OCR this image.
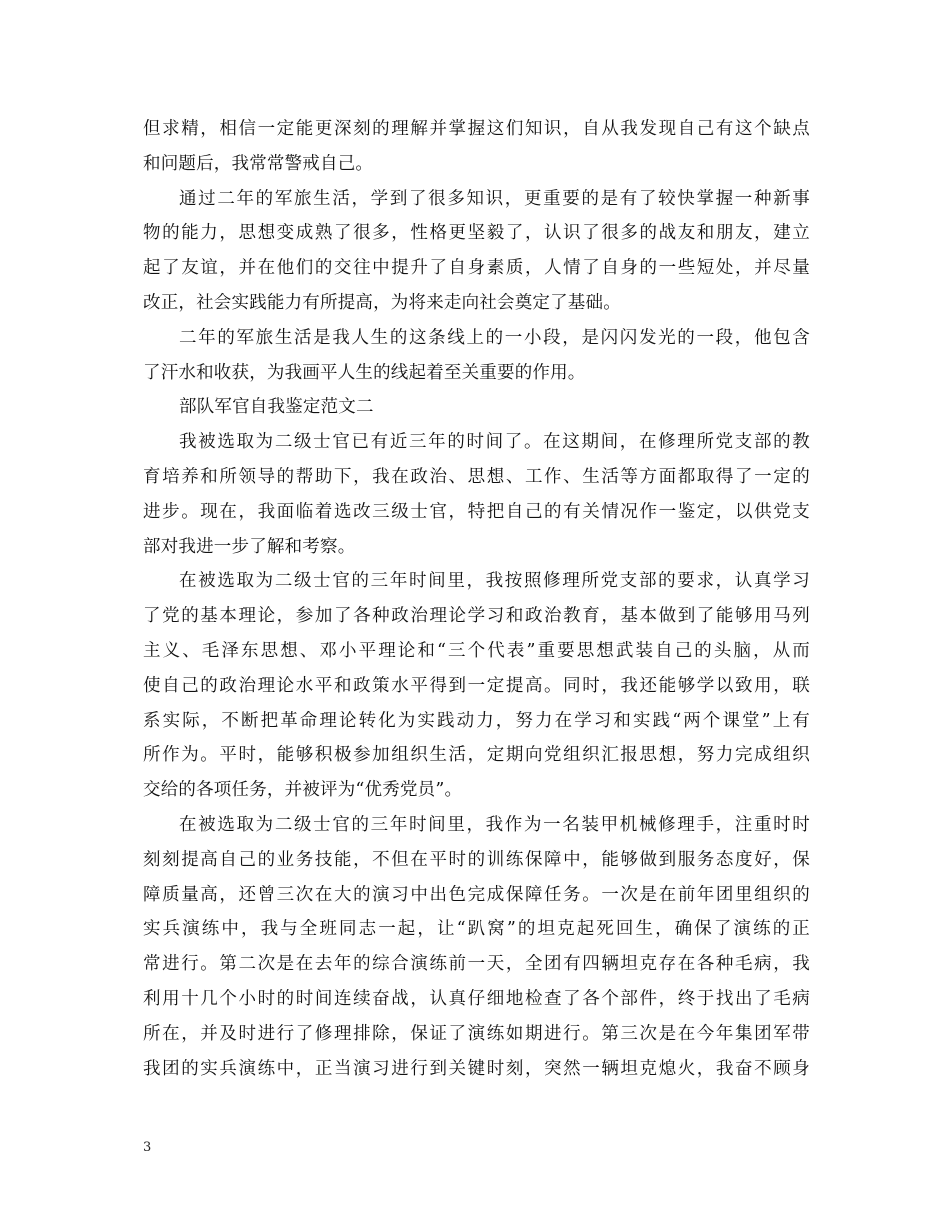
但求精，相信一定能更深刻的理解并掌握这们知识，自从我发现自己有这个缺点
和问题后，我常常警戒自己。
通过二年的军旅生活，学到了很多知识，更重要的是有了较快掌握一种新事
物的能力，思想变成熟了很多，性格更坚毅了，认识了很多的战友和朋友，建立
起了友谊，并在他们的交往中提升了自身素质，人情了自身的一些短处，并尽量
改正，社会实践能力有所提高，为将来走向社会奠定了基础。
二年的军旅生活是我人生的这条线上的一小段，是闪闪发光的一段，他包含
了汗水和收获，为我画平人生的线起着至关重要的作用。
部队军官自我鉴定范文二
我被选取为二级士官已有近三年的时间了。在这期间，在修理所党支部的教
育培养和所领导的帮助下，我在政治、思想、工作、生活等方面都取得了一定的
进步。现在，我面临着选改三级士官，特把自己的有关情况作一鉴定，以供党支
部对我进一步了解和考察。
在被选取为二级士官的三年时间里，我按照修理所党支部的要求，认真学习
了党的基本理论，参加了各种政治理论学习和政治教育，基本做到了能够用马列
主义、毛泽东思想、邓小平理论和“三个代表”重要思想武装自己的头脑，从而
使自己的政治理论水平和政策水平得到一定提高。同时，我还能够学以致用，联
系实际，不断把革命理论转化为实践动力，努力在学习和实践“两个课堂”上有
所作为。平时，能够积极参加组织生活，定期向党组织汇报思想，努力完成组织
交给的各项任务，并被评为“优秀党员”。
在被选取为二级士官的三年时间里，我作为一名装甲机械修理手，注重时时
刻刻提高自己的业务技能，不但在平时的训练保障中，能够做到服务态度好，保
障质量高，还曾三次在大的演习中出色完成保障任务。一次是在前年团里组织的
实兵演练中，我与全班同志一起，让“趴窝”的坦克起死回生，确保了演练的正
常进行。第二次是在去年的综合演练前一天，全团有四辆坦克存在各种毛病，我
利用十几个小时的时间连续奋战，认真仔细地检查了各个部件，终于找出了毛病
所在，并及时进行了修理排除，保证了演练如期进行。第三次是在今年集团军带
我团的实兵演练中，正当演习进行到关键时刻，突然一辆坦克熄火，我奋不顾身
3
